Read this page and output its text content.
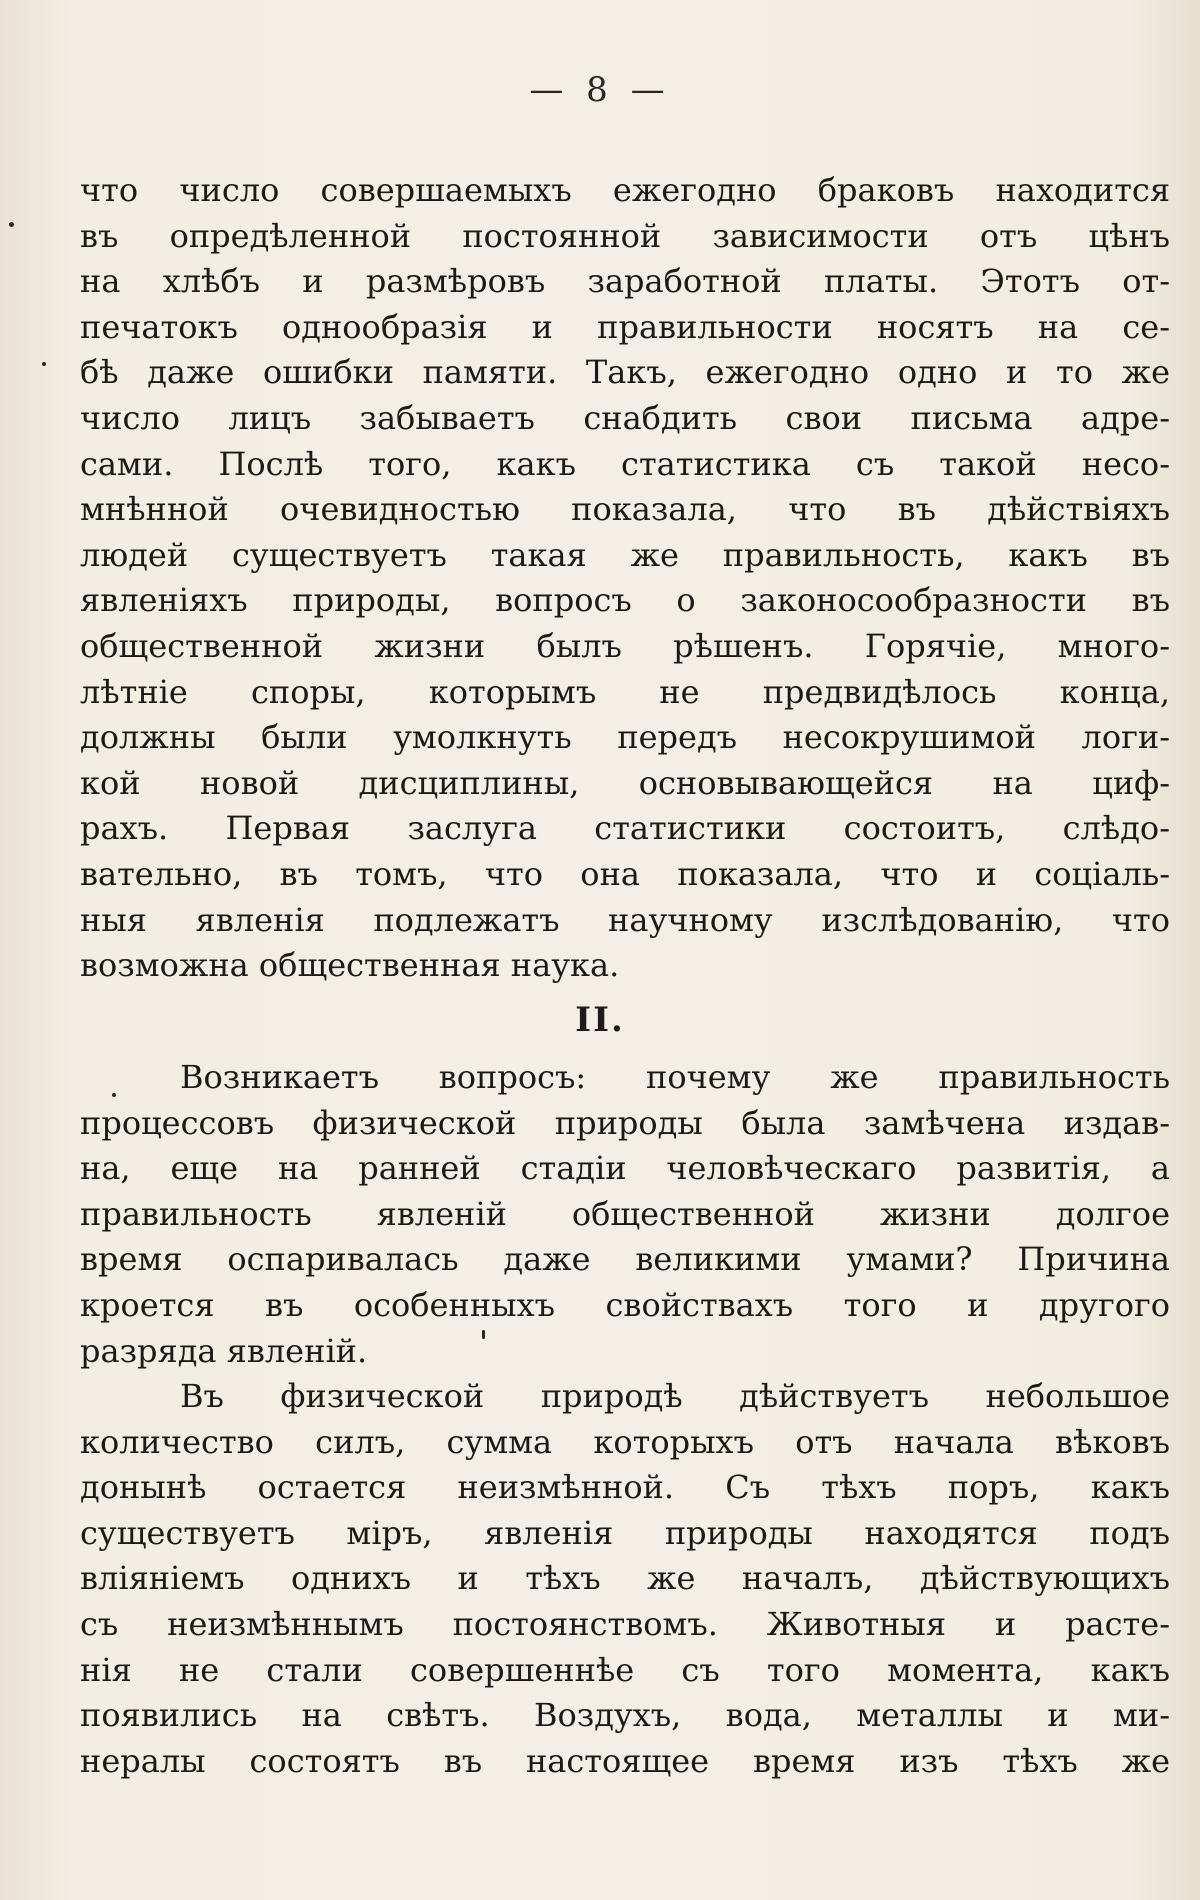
— 8 —
что число совершаемыхъ ежегодно браковъ находится
въ опредѣленной постоянной зависимости отъ цѣнъ
на хлѣбъ и размѣровъ заработной платы. Этотъ от-
печатокъ однообразія и правильности носятъ на се-
бѣ даже ошибки памяти. Такъ, ежегодно одно и то же
число лицъ забываетъ снабдить свои письма адре-
сами. Послѣ того, какъ статистика съ такой несо-
мнѣнной очевидностью показала, что въ дѣйствіяхъ
людей существуетъ такая же правильность, какъ въ
явленіяхъ природы, вопросъ о законосообразности въ
общественной жизни былъ рѣшенъ. Горячіе, много-
лѣтніе споры, которымъ не предвидѣлось конца,
должны были умолкнуть передъ несокрушимой логи-
кой новой дисциплины, основывающейся на циф-
рахъ. Первая заслуга статистики состоитъ, слѣдо-
вательно, въ томъ, что она показала, что и соціаль-
ныя явленія подлежатъ научному изслѣдованію, что
возможна общественная наука.
II.
Возникаетъ вопросъ: почему же правильность
процессовъ физической природы была замѣчена издав-
на, еще на ранней стадіи человѣческаго развитія, а
правильность явленій общественной жизни долгое
время оспаривалась даже великими умами? Причина
кроется въ особенныхъ свойствахъ того и другого
разряда явленій.
Въ физической природѣ дѣйствуетъ небольшое
количество силъ, сумма которыхъ отъ начала вѣковъ
донынѣ остается неизмѣнной. Съ тѣхъ поръ, какъ
существуетъ міръ, явленія природы находятся подъ
вліяніемъ однихъ и тѣхъ же началъ, дѣйствующихъ
съ неизмѣннымъ постоянствомъ. Животныя и расте-
нія не стали совершеннѣе съ того момента, какъ
появились на свѣтъ. Воздухъ, вода, металлы и ми-
нералы состоятъ въ настоящее время изъ тѣхъ же
